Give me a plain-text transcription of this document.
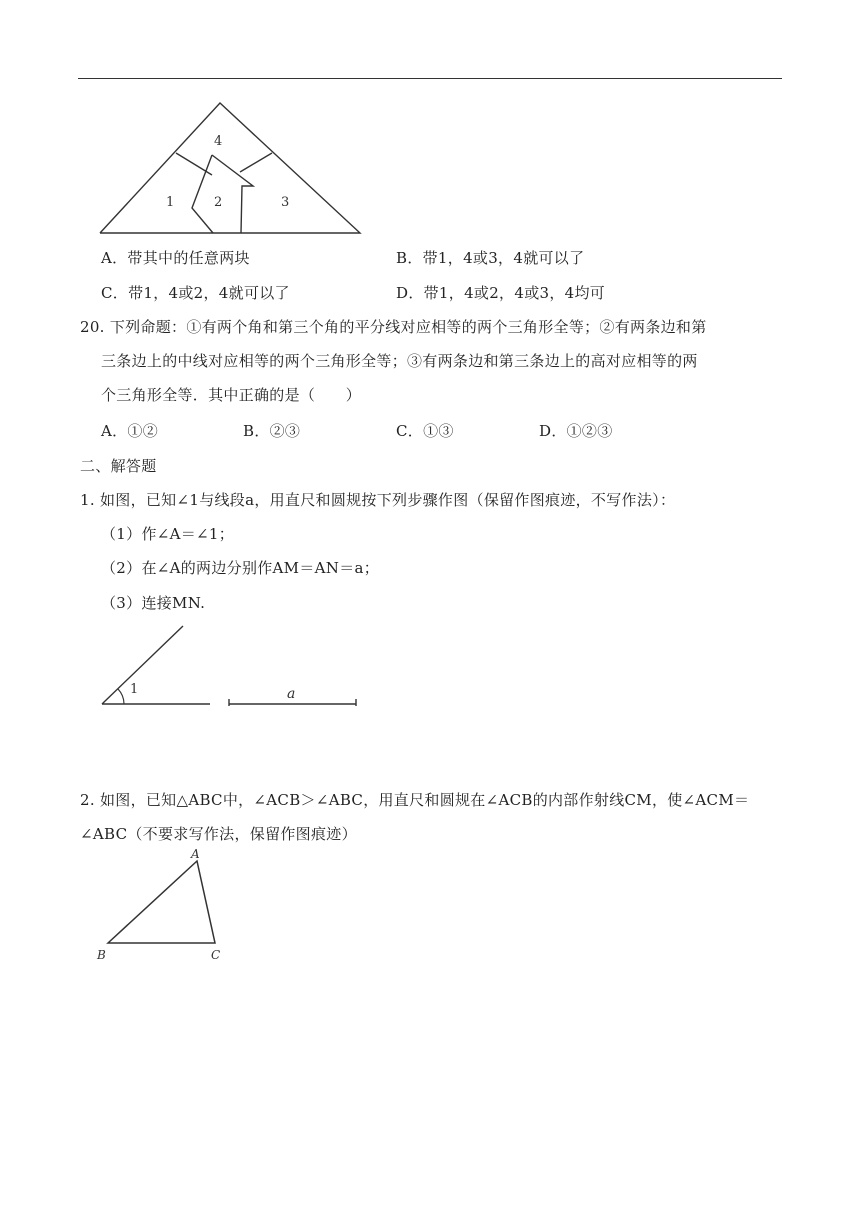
4
1	2	3
A．带其中的任意两块	B．带1，4或3，4就可以了
C．带1，4或2，4就可以了	D．带1，4或2，4或3，4均可
20. 下列命题：①有两个角和第三个角的平分线对应相等的两个三角形全等；②有两条边和第
三条边上的中线对应相等的两个三角形全等；③有两条边和第三条边上的高对应相等的两
个三角形全等．其中正确的是（　　）
A．①②	B．②③	C．①③	D．①②③
二、解答题
1. 如图，已知∠1与线段a，用直尺和圆规按下列步骤作图（保留作图痕迹，不写作法）：
（1）作∠A＝∠1；
（2）在∠A的两边分别作AM＝AN＝a；
（3）连接MN.
1	a
2. 如图，已知△ABC中，∠ACB＞∠ABC，用直尺和圆规在∠ACB的内部作射线CM，使∠ACM＝
∠ABC（不要求写作法，保留作图痕迹）
A
B	C
